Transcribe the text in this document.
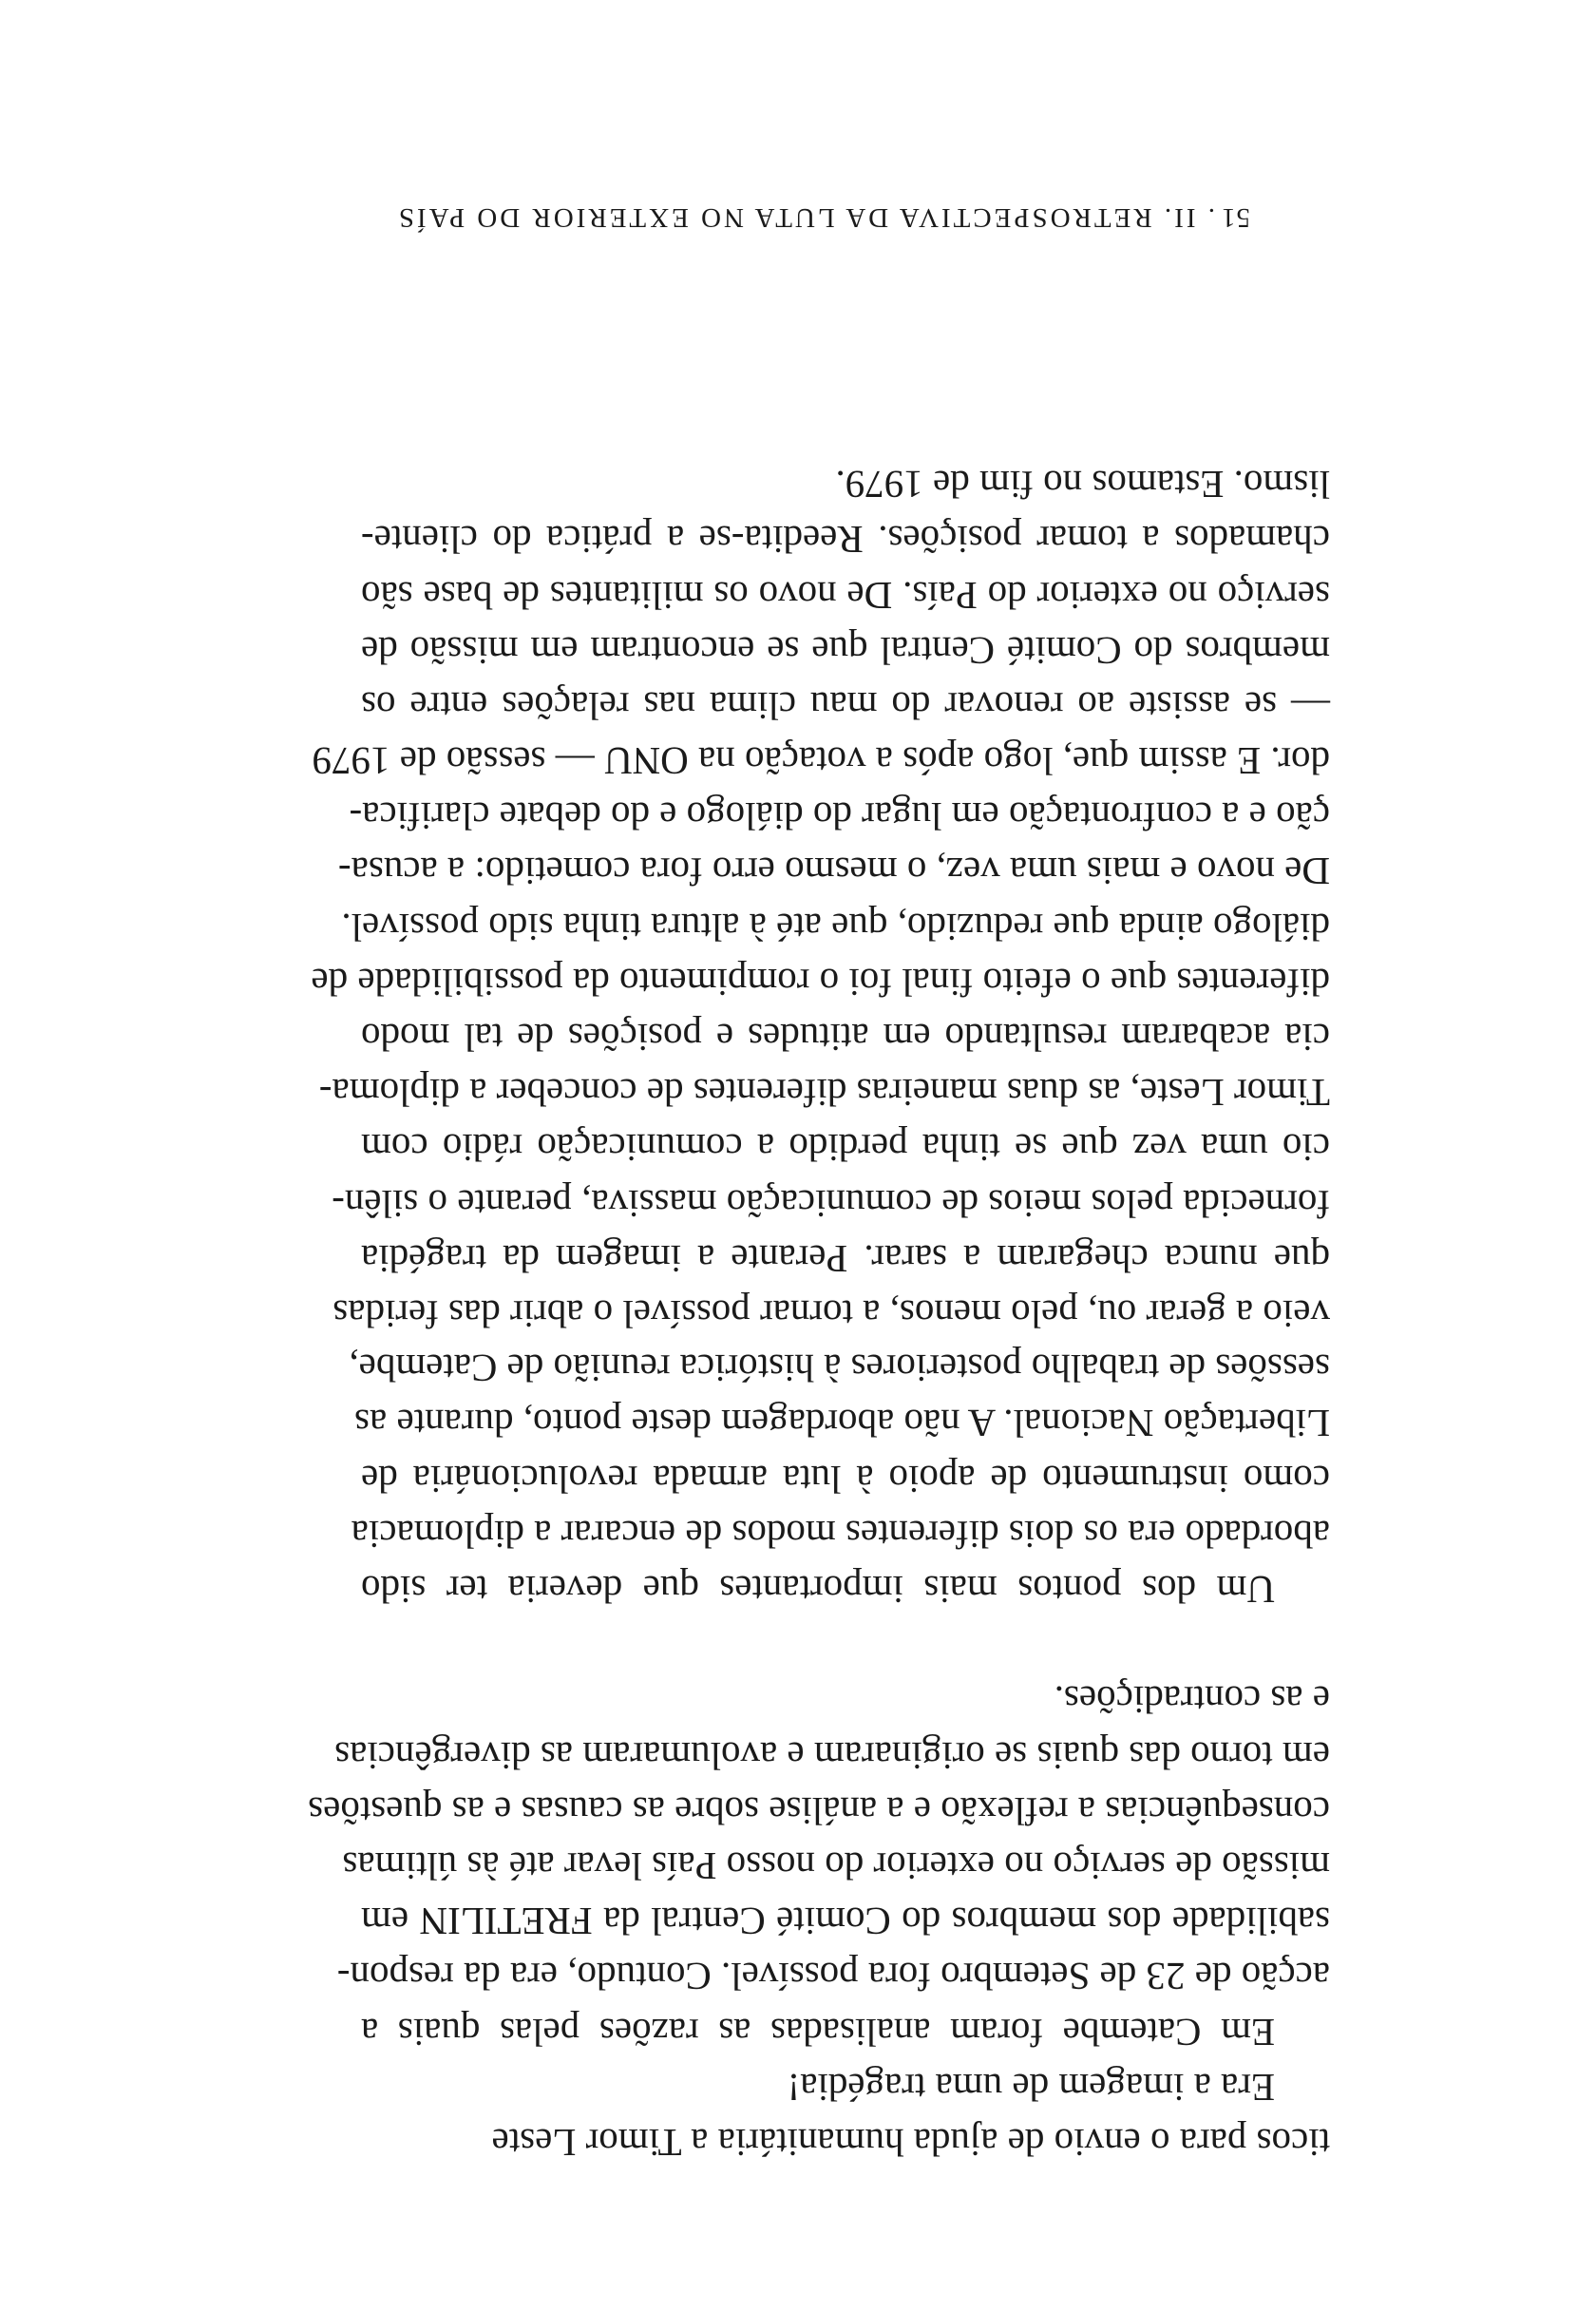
ticos para o envio de ajuda humanitária a Timor Leste
Era a imagem de uma tragédia!
Em Catembe foram analisadas as razões pelas quais a
acção de 23 de Setembro fora possível. Contudo, era da respon-
sabilidade dos membros do Comité Central da FRETILIN em
missão de serviço no exterior do nosso País levar até às últimas
consequências a reflexão e a análise sobre as causas e as questões
em torno das quais se originaram e avolumaram as divergências
e as contradições.
Um dos pontos mais importantes que deveria ter sido
abordado era os dois diferentes modos de encarar a diplomacia
como instrumento de apoio à luta armada revolucionária de
Libertação Nacional. A não abordagem deste ponto, durante as
sessões de trabalho posteriores à histórica reunião de Catembe,
veio a gerar ou, pelo menos, a tornar possível o abrir das feridas
que nunca chegaram a sarar. Perante a imagem da tragédia
fornecida pelos meios de comunicação massiva, perante o silên-
cio uma vez que se tinha perdido a comunicação rádio com
Timor Leste, as duas maneiras diferentes de conceber a diploma-
cia acabaram resultando em atitudes e posições de tal modo
diferentes que o efeito final foi o rompimento da possibilidade de
diálogo ainda que reduzido, que até à altura tinha sido possível.
De novo e mais uma vez, o mesmo erro fora cometido: a acusa-
ção e a confrontação em lugar do diálogo e do debate clarifica-
dor. E assim que, logo após a votação na ONU — sessão de 1979
— se assiste ao renovar do mau clima nas relações entre os
membros do Comité Central que se encontram em missão de
serviço no exterior do País. De novo os militantes de base são
chamados a tomar posições. Reedita-se a prática do cliente-
lismo. Estamos no fim de 1979.
51. II. RETROSPECTIVA DA LUTA NO EXTERIOR DO PAÍS
